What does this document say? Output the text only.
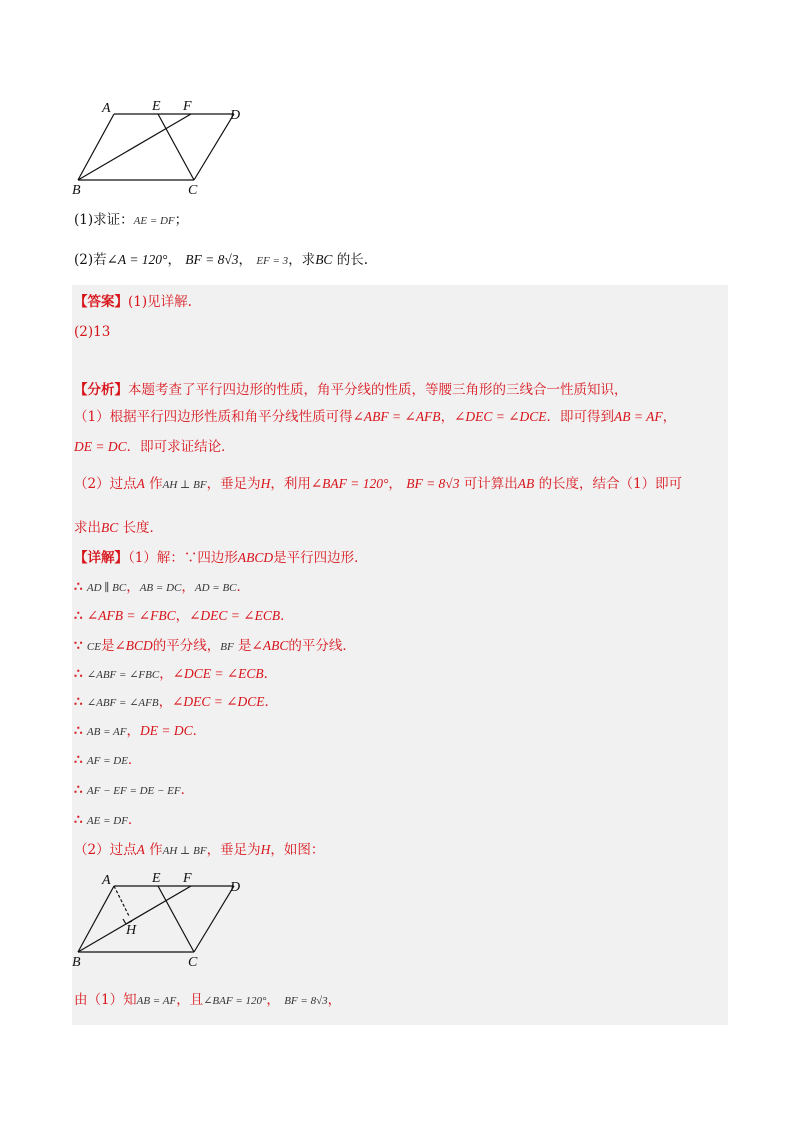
A	E F
D
B	C
(1)求证：AE = DF；
(2)若∠A = 120°， BF = 8√3， EF = 3，求BC 的长.
【答案】(1)见详解.
(2)13
【分析】本题考查了平行四边形的性质，角平分线的性质，等腰三角形的三线合一性质知识，
（1）根据平行四边形性质和角平分线性质可得∠ABF = ∠AFB，∠DEC = ∠DCE．即可得到AB = AF，
DE = DC．即可求证结论．
（2）过点A 作AH ⊥ BF，垂足为H，利用∠BAF = 120°， BF = 8√3 可计算出AB 的长度，结合（1）即可
求出BC 长度．
【详解】（1）解：∵四边形ABCD是平行四边形．
∴ AD ∥ BC，AB = DC，AD = BC．
∴ ∠AFB = ∠FBC，∠DEC = ∠ECB．
∵ CE是∠BCD的平分线，BF 是∠ABC的平分线．
∴ ∠ABF = ∠FBC，∠DCE = ∠ECB．
∴ ∠ABF = ∠AFB，∠DEC = ∠DCE．
∴ AB = AF，DE = DC．
∴ AF = DE．
∴ AF − EF = DE − EF．
∴ AE = DF．
（2）过点A 作AH ⊥ BF，垂足为H，如图：
A	E F
D
H
B	C
由（1）知AB = AF，且∠BAF = 120°， BF = 8√3，
